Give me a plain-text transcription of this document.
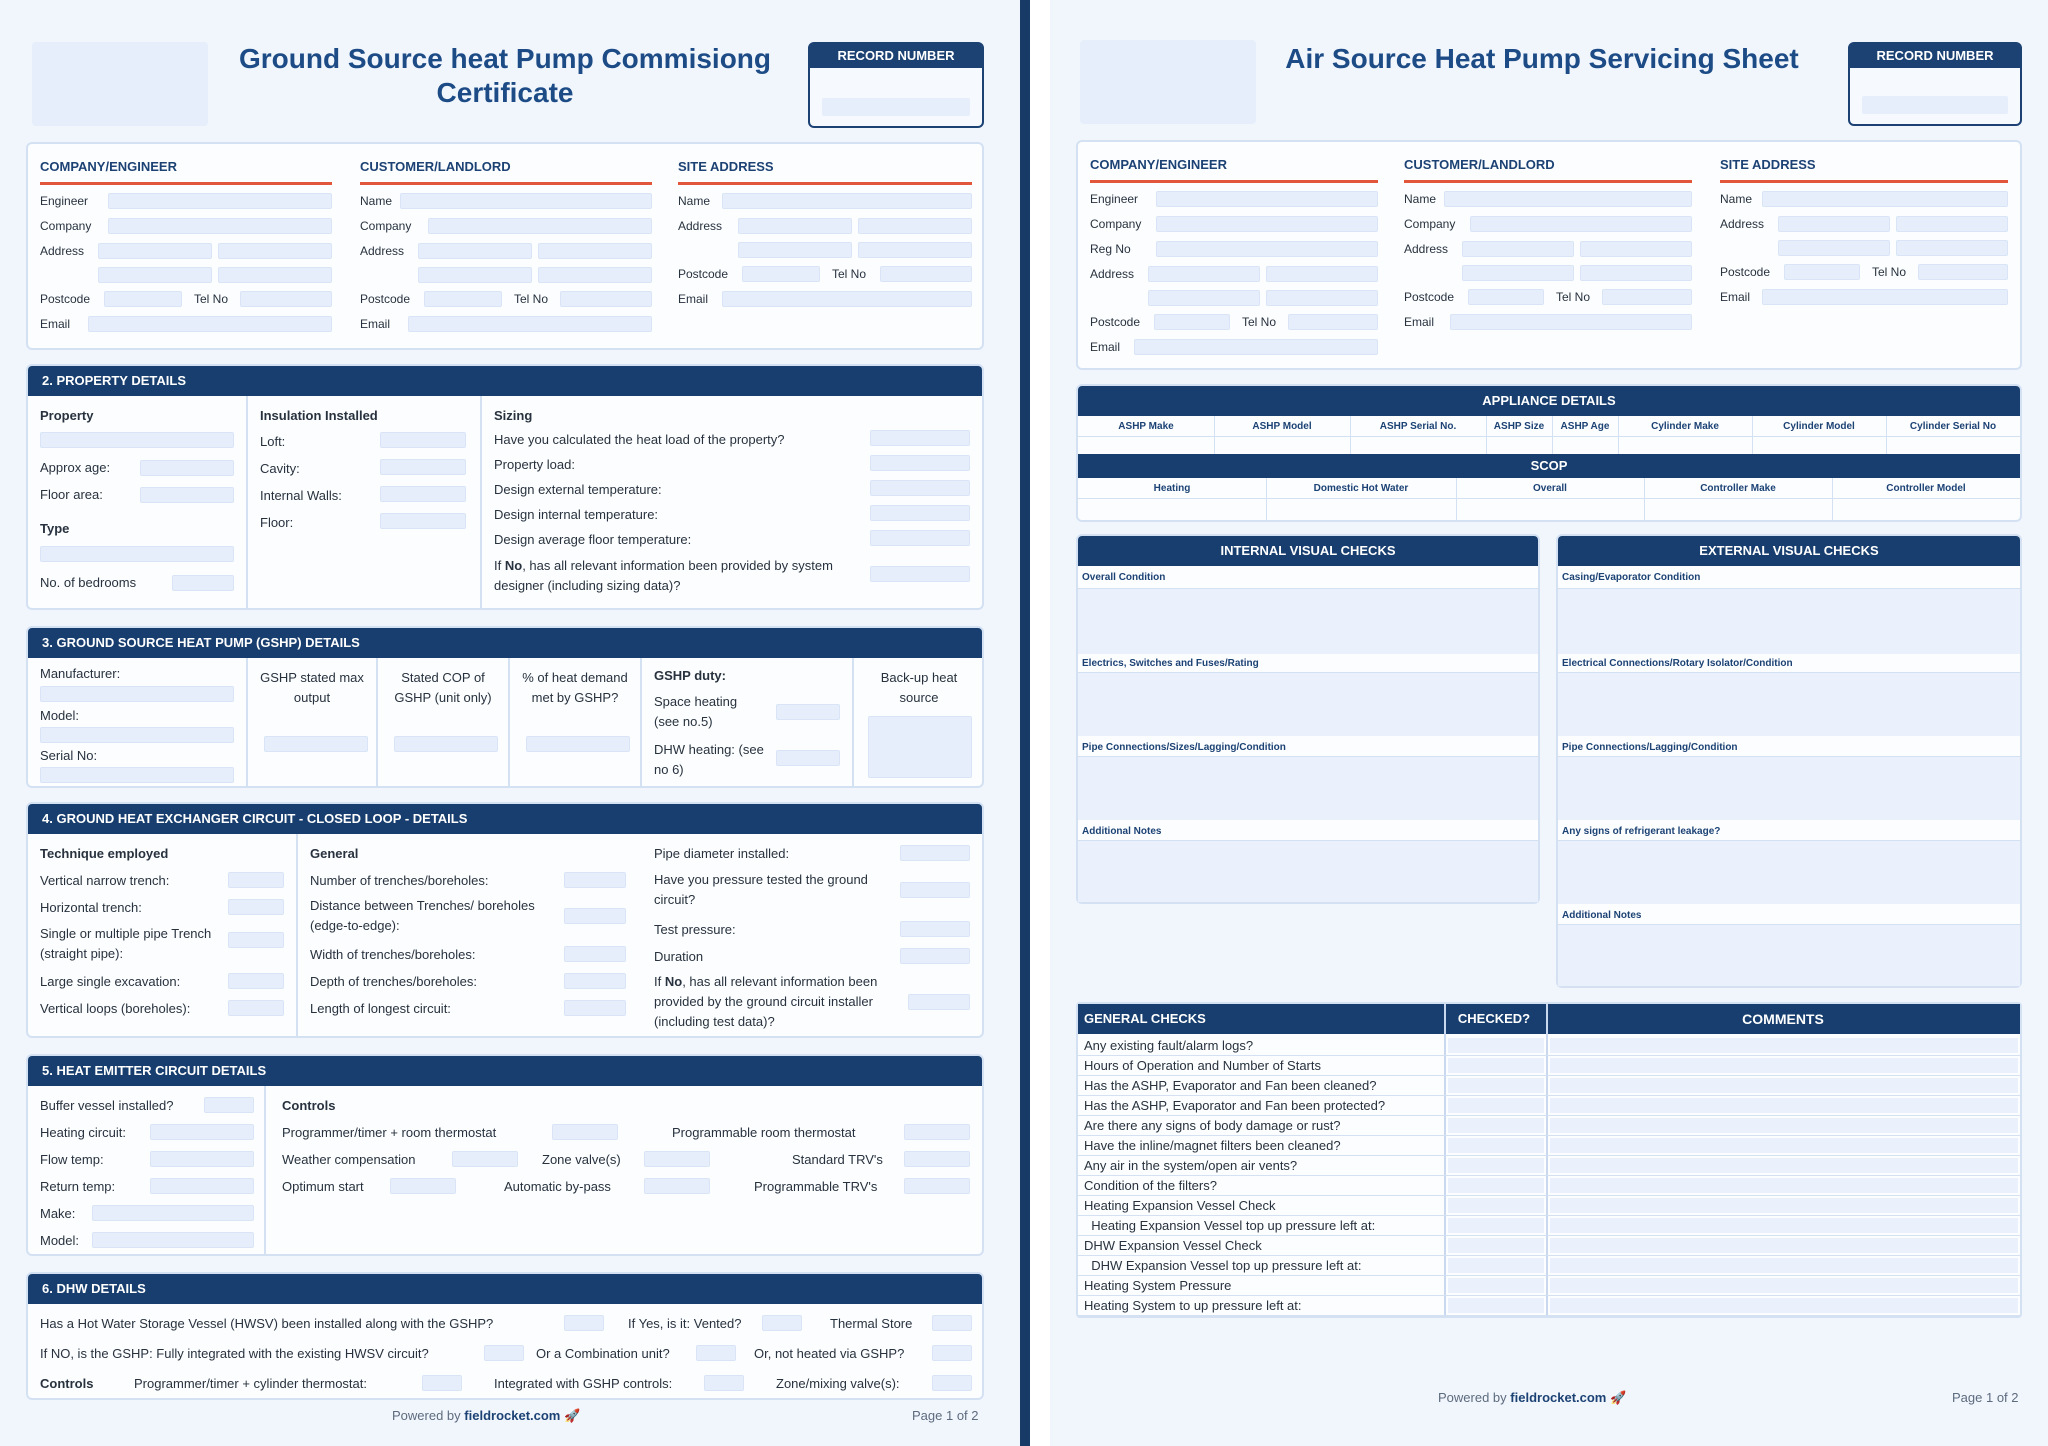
Ground Source heat Pump Commisiong Certificate
RECORD NUMBER
COMPANY/ENGINEER
Engineer
Company
Address
Postcode	Tel No
Email
CUSTOMER/LANDLORD
Name
Company
Address
Postcode	Tel No
Email
SITE ADDRESS
Name
Address
Postcode	Tel No
Email
2. PROPERTY DETAILS
Property
Approx age:
Floor area:
Type
No. of bedrooms
Insulation Installed
Loft:
Cavity:
Internal Walls:
Floor:
Sizing
Have you calculated the heat load of the property?
Property load:
Design external temperature:
Design internal temperature:
Design average floor temperature:
If No, has all relevant information been provided by system designer (including sizing data)?
3. GROUND SOURCE HEAT PUMP (GSHP) DETAILS
Manufacturer:
Model:
Serial No:
GSHP stated max output
Stated COP of GSHP (unit only)
% of heat demand met by GSHP?
GSHP duty:
Space heating (see no.5)
DHW heating: (see no 6)
Back-up heat source
4. GROUND HEAT EXCHANGER CIRCUIT - CLOSED LOOP - DETAILS
Technique employed
Vertical narrow trench:
Horizontal trench:
Single or multiple pipe Trench (straight pipe):
Large single excavation:
Vertical loops (boreholes):
General
Number of trenches/boreholes:
Distance between Trenches/ boreholes (edge-to-edge):
Width of trenches/boreholes:
Depth of trenches/boreholes:
Length of longest circuit:
Pipe diameter installed:
Have you pressure tested the ground circuit?
Test pressure:
Duration
If No, has all relevant information been provided by the ground circuit installer (including test data)?
5. HEAT EMITTER CIRCUIT DETAILS
Buffer vessel installed?
Heating circuit:
Flow temp:
Return temp:
Make:
Model:
Controls
Programmer/timer + room thermostat	Programmable room thermostat
Weather compensation	Zone valve(s)	Standard TRV's
Optimum start	Automatic by-pass	Programmable TRV's
6. DHW DETAILS
Has a Hot Water Storage Vessel (HWSV) been installed along with the GSHP?	If Yes, is it: Vented?	Thermal Store
If NO, is the GSHP: Fully integrated with the existing HWSV circuit?	Or a Combination unit?	Or, not heated via GSHP?
Controls	Programmer/timer + cylinder thermostat:	Integrated with GSHP controls:	Zone/mixing valve(s):
Powered by fieldrocket.com 🚀	Page 1 of 2
Air Source Heat Pump Servicing Sheet	RECORD NUMBER
COMPANY/ENGINEER
Engineer
Company
Reg No
Address
Postcode	Tel No
Email
CUSTOMER/LANDLORD
Name
Company
Address
Postcode	Tel No
Email
SITE ADDRESS
Name
Address
Postcode	Tel No
Email
APPLIANCE DETAILS
ASHP Make	ASHP Model	ASHP Serial No.	ASHP Size	ASHP Age	Cylinder Make	Cylinder Model	Cylinder Serial No
SCOP
Heating	Domestic Hot Water	Overall	Controller Make	Controller Model
INTERNAL VISUAL CHECKS
Overall Condition
Electrics, Switches and Fuses/Rating
Pipe Connections/Sizes/Lagging/Condition
Additional Notes
EXTERNAL VISUAL CHECKS
Casing/Evaporator Condition
Electrical Connections/Rotary Isolator/Condition
Pipe Connections/Lagging/Condition
Any signs of refrigerant leakage?
Additional Notes
GENERAL CHECKS	CHECKED?	COMMENTS
Any existing fault/alarm logs?
Hours of Operation and Number of Starts
Has the ASHP, Evaporator and Fan been cleaned?
Has the ASHP, Evaporator and Fan been protected?
Are there any signs of body damage or rust?
Have the inline/magnet filters been cleaned?
Any air in the system/open air vents?
Condition of the filters?
Heating Expansion Vessel Check
Heating Expansion Vessel top up pressure left at:
DHW Expansion Vessel Check
DHW Expansion Vessel top up pressure left at:
Heating System Pressure
Heating System to up pressure left at:
Powered by fieldrocket.com 🚀	Page 1 of 2
